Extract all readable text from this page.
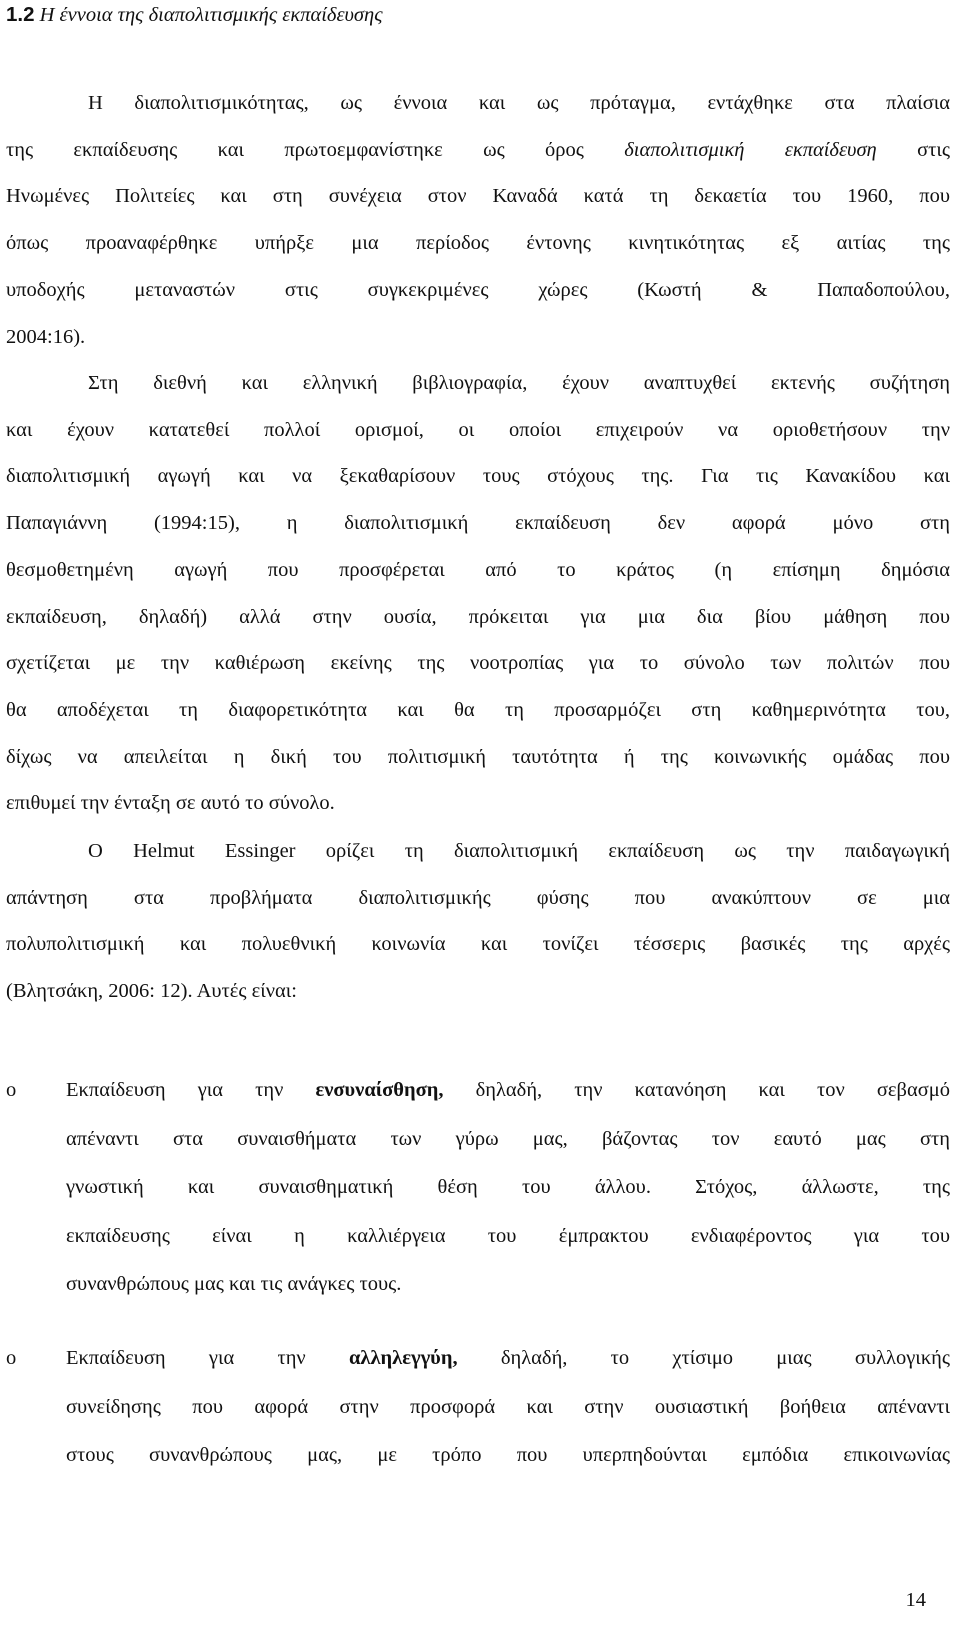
1.2 Η έννοια της διαπολιτισμικής εκπαίδευσης
Η διαπολιτισμικότητας, ως έννοια και ως πρόταγμα, εντάχθηκε στα πλαίσια
της εκπαίδευσης και πρωτοεμφανίστηκε ως όρος διαπολιτισμική εκπαίδευση στις
Ηνωμένες Πολιτείες και στη συνέχεια στον Καναδά κατά τη δεκαετία του 1960, που
όπως προαναφέρθηκε υπήρξε μια περίοδος έντονης κινητικότητας εξ αιτίας της
υποδοχής μεταναστών στις συγκεκριμένες χώρες (Κωστή & Παπαδοπούλου,
2004:16).
Στη διεθνή και ελληνική βιβλιογραφία, έχουν αναπτυχθεί εκτενής συζήτηση
και έχουν κατατεθεί πολλοί ορισμοί, οι οποίοι επιχειρούν να οριοθετήσουν την
διαπολιτισμική αγωγή και να ξεκαθαρίσουν τους στόχους της. Για τις Κανακίδου και
Παπαγιάννη (1994:15), η διαπολιτισμική εκπαίδευση δεν αφορά μόνο στη
θεσμοθετημένη αγωγή που προσφέρεται από το κράτος (η επίσημη δημόσια
εκπαίδευση, δηλαδή) αλλά στην ουσία, πρόκειται για μια δια βίου μάθηση που
σχετίζεται με την καθιέρωση εκείνης της νοοτροπίας για το σύνολο των πολιτών που
θα αποδέχεται τη διαφορετικότητα και θα τη προσαρμόζει στη καθημερινότητα του,
δίχως να απειλείται η δική του πολιτισμική ταυτότητα ή της κοινωνικής ομάδας που
επιθυμεί την ένταξη σε αυτό το σύνολο.
O Helmut Essinger ορίζει τη διαπολιτισμική εκπαίδευση ως την παιδαγωγική
απάντηση στα προβλήματα διαπολιτισμικής φύσης που ανακύπτουν σε μια
πολυπολιτισμική και πολυεθνική κοινωνία και τονίζει τέσσερις βασικές της αρχές
(Βλητσάκη, 2006: 12). Αυτές είναι:
o	Εκπαίδευση για την ενσυναίσθηση, δηλαδή, την κατανόηση και τον σεβασμό
απέναντι στα συναισθήματα των γύρω μας, βάζοντας τον εαυτό μας στη
γνωστική και συναισθηματική θέση του άλλου. Στόχος, άλλωστε, της
εκπαίδευσης είναι η καλλιέργεια του έμπρακτου ενδιαφέροντος για του
συνανθρώπους μας και τις ανάγκες τους.
o	Εκπαίδευση για την αλληλεγγύη, δηλαδή, το χτίσιμο μιας συλλογικής
συνείδησης που αφορά στην προσφορά και στην ουσιαστική βοήθεια απέναντι
στους συνανθρώπους μας, με τρόπο που υπερπηδούνται εμπόδια επικοινωνίας
14
